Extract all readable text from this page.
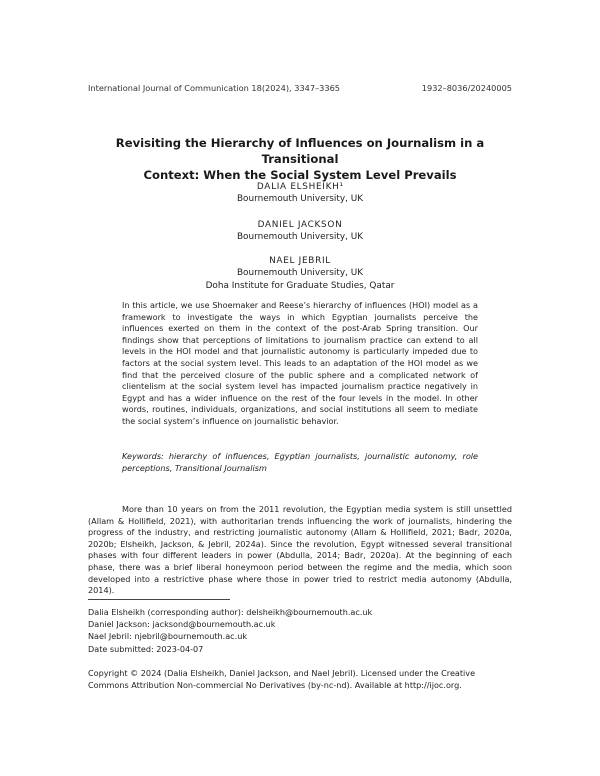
International Journal of Communication 18(2024), 3347–3365	1932–8036/20240005
Revisiting the Hierarchy of Influences on Journalism in a Transitional
Context: When the Social System Level Prevails
DALIA ELSHEIKH¹
Bournemouth University, UK
DANIEL JACKSON
Bournemouth University, UK
NAEL JEBRIL
Bournemouth University, UK
Doha Institute for Graduate Studies, Qatar

In this article, we use Shoemaker and Reese’s hierarchy of influences (HOI) model as a framework to investigate the ways in which Egyptian journalists perceive the influences exerted on them in the context of the post-Arab Spring transition. Our findings show that perceptions of limitations to journalism practice can extend to all levels in the HOI model and that journalistic autonomy is particularly impeded due to factors at the social system level. This leads to an adaptation of the HOI model as we find that the perceived closure of the public sphere and a complicated network of clientelism at the social system level has impacted journalism practice negatively in Egypt and has a wider influence on the rest of the four levels in the model. In other words, routines, individuals, organizations, and social institutions all seem to mediate the social system’s influence on journalistic behavior.

Keywords: hierarchy of influences, Egyptian journalists, journalistic autonomy, role perceptions, Transitional Journalism

More than 10 years on from the 2011 revolution, the Egyptian media system is still unsettled (Allam & Hollifield, 2021), with authoritarian trends influencing the work of journalists, hindering the progress of the industry, and restricting journalistic autonomy (Allam & Hollifield, 2021; Badr, 2020a, 2020b; Elsheikh, Jackson, & Jebril, 2024a). Since the revolution, Egypt witnessed several transitional phases with four different leaders in power (Abdulla, 2014; Badr, 2020a). At the beginning of each phase, there was a brief liberal honeymoon period between the regime and the media, which soon developed into a restrictive phase where those in power tried to restrict media autonomy (Abdulla, 2014).

Dalia Elsheikh (corresponding author): delsheikh@bournemouth.ac.uk
Daniel Jackson: jacksond@bournemouth.ac.uk
Nael Jebril: njebril@bournemouth.ac.uk
Date submitted: 2023-04-07

Copyright © 2024 (Dalia Elsheikh, Daniel Jackson, and Nael Jebril). Licensed under the Creative Commons Attribution Non-commercial No Derivatives (by-nc-nd). Available at http://ijoc.org.
